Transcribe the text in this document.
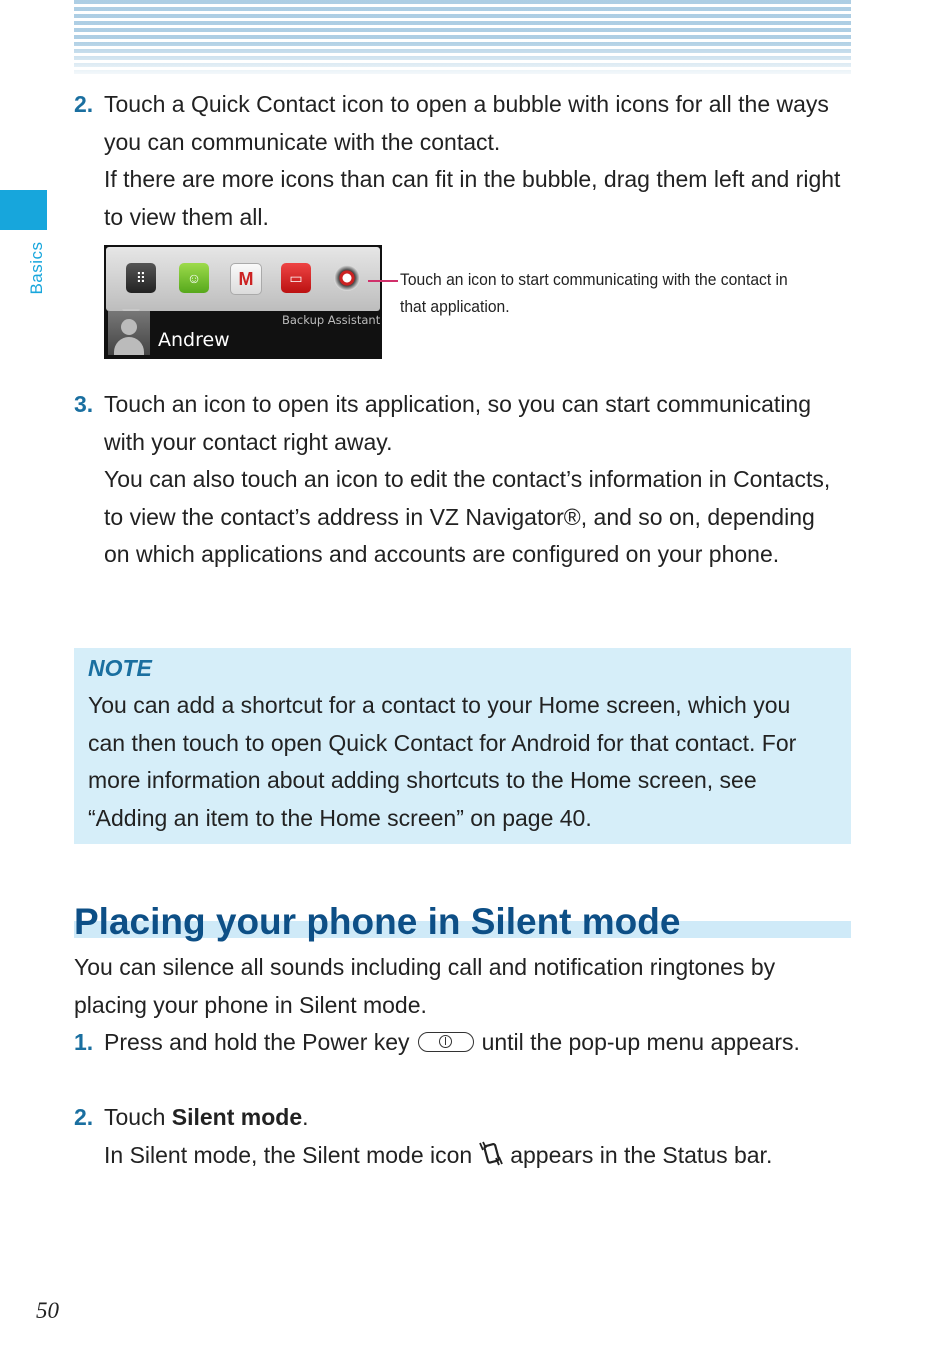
Basics
2. Touch a Quick Contact icon to open a bubble with icons for all the ways you can communicate with the contact.

If there are more icons than can fit in the bubble, drag them left and right to view them all.

⠿	☺	M	▭
Backup Assistant
Andrew
Touch an icon to start communicating with the contact in that application.
3. Touch an icon to open its application, so you can start communicating with your contact right away.

You can also touch an icon to edit the contact’s information in Contacts, to view the contact’s address in VZ Navigator®, and so on, depending on which applications and accounts are configured on your phone.

NOTE
You can add a shortcut for a contact to your Home screen, which you can then touch to open Quick Contact for Android for that contact. For more information about adding shortcuts to the Home screen, see “Adding an item to the Home screen” on page 40.
Placing your phone in Silent mode
You can silence all sounds including call and notification ringtones by placing your phone in Silent mode.
1. Press and hold the Power key	until the pop-up menu appears.

2. Touch Silent mode.

In Silent mode, the Silent mode icon appears in the Status bar.

50
